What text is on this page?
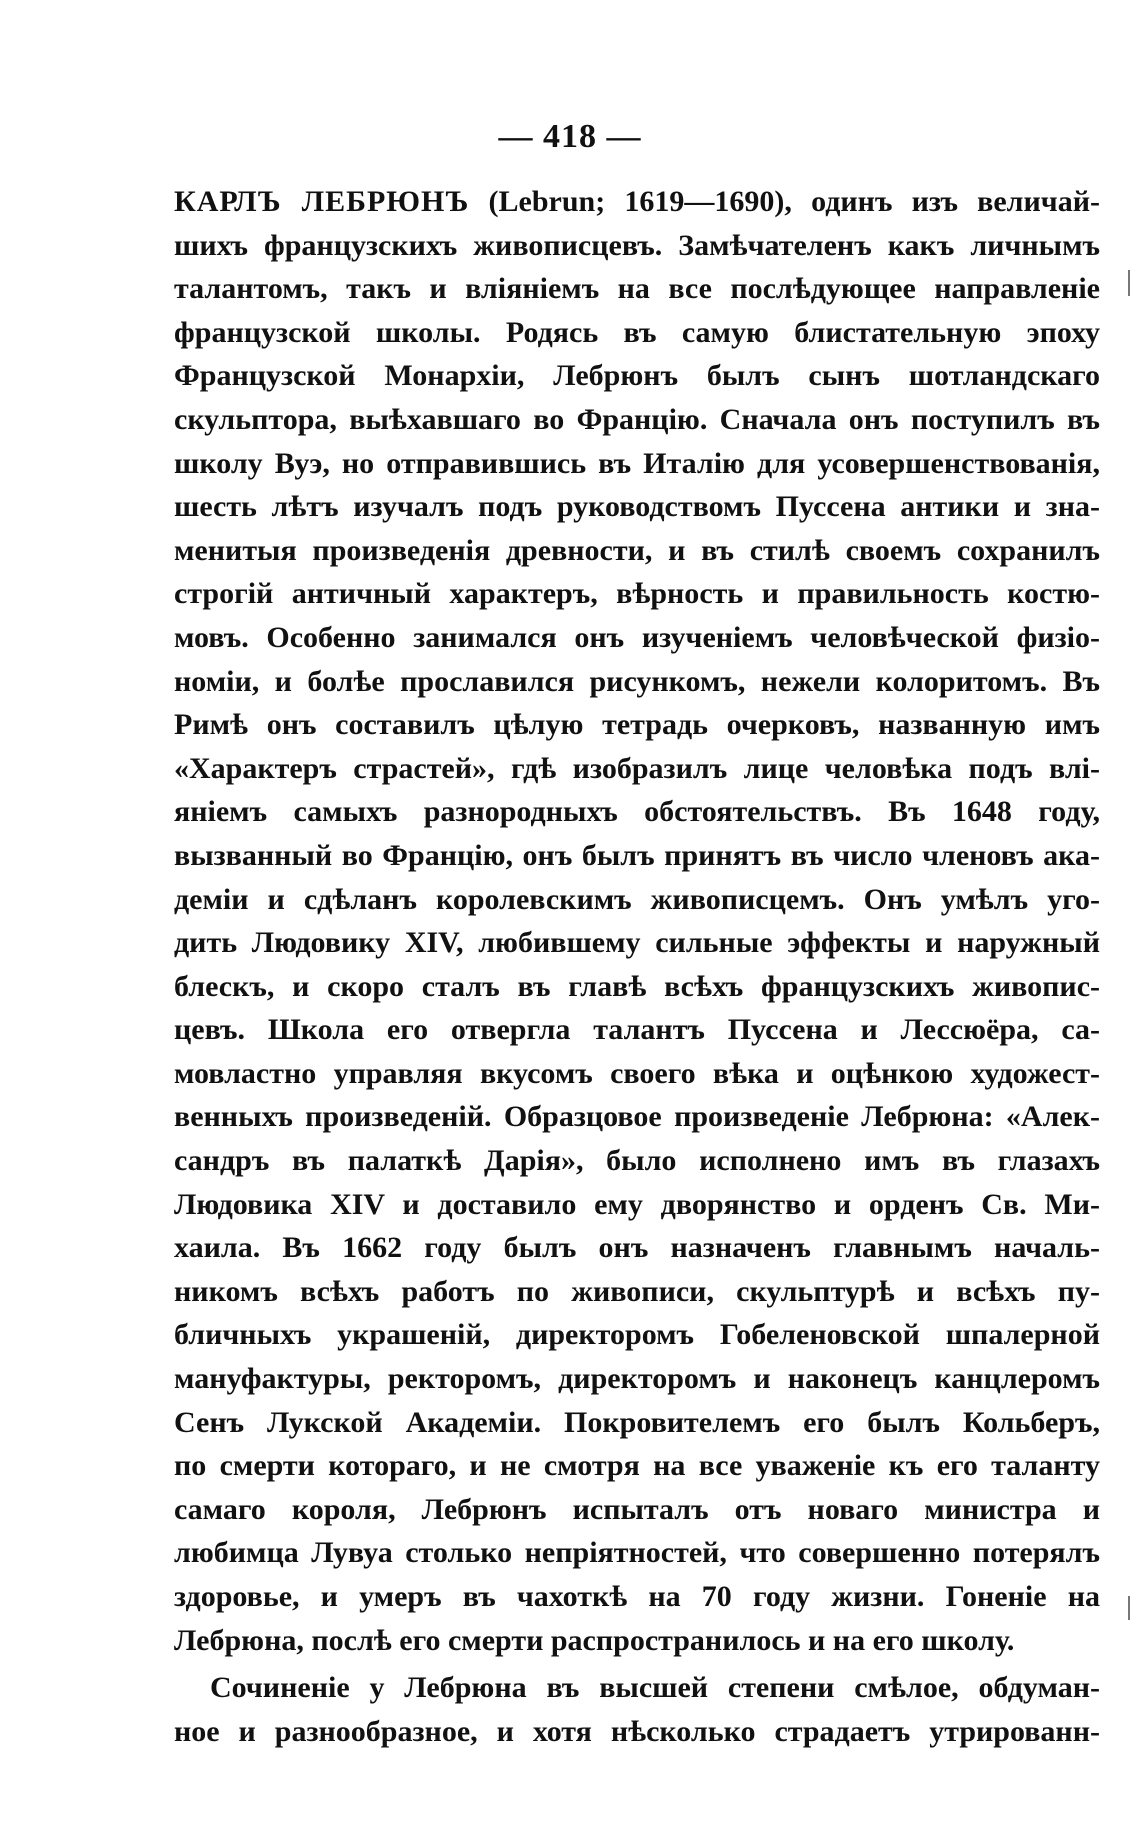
— 418 —
КАРЛЪ ЛЕБРЮНЪ (Lebrun; 1619—1690), одинъ изъ величай-
шихъ французскихъ живописцевъ. Замѣчателенъ какъ личнымъ
талантомъ, такъ и вліяніемъ на все послѣдующее направленіе
французской школы. Родясь въ самую блистательную эпоху
Французской Монархіи, Лебрюнъ былъ сынъ шотландскаго
скульптора, выѣхавшаго во Францію. Сначала онъ поступилъ въ
школу Вуэ, но отправившись въ Италію для усовершенствованія,
шесть лѣтъ изучалъ подъ руководствомъ Пуссена антики и зна-
менитыя произведенія древности, и въ стилѣ своемъ сохранилъ
строгій античный характеръ, вѣрность и правильность костю-
мовъ. Особенно занимался онъ изученіемъ человѣческой физіо-
номіи, и болѣе прославился рисункомъ, нежели колоритомъ. Въ
Римѣ онъ составилъ цѣлую тетрадь очерковъ, названную имъ
«Характеръ страстей», гдѣ изобразилъ лице человѣка подъ влі-
яніемъ самыхъ разнородныхъ обстоятельствъ. Въ 1648 году,
вызванный во Францію, онъ былъ принятъ въ число членовъ ака-
деміи и сдѣланъ королевскимъ живописцемъ. Онъ умѣлъ уго-
дить Людовику XIV, любившему сильные эффекты и наружный
блескъ, и скоро сталъ въ главѣ всѣхъ французскихъ живопис-
цевъ. Школа его отвергла талантъ Пуссена и Лессюёра, са-
мовластно управляя вкусомъ своего вѣка и оцѣнкою художест-
венныхъ произведеній. Образцовое произведеніе Лебрюна: «Алек-
сандръ въ палаткѣ Дарія», было исполнено имъ въ глазахъ
Людовика XIV и доставило ему дворянство и орденъ Св. Ми-
хаила. Въ 1662 году былъ онъ назначенъ главнымъ началь-
никомъ всѣхъ работъ по живописи, скульптурѣ и всѣхъ пу-
бличныхъ украшеній, директоромъ Гобеленовской шпалерной
мануфактуры, ректоромъ, директоромъ и наконецъ канцлеромъ
Сенъ Лукской Академіи. Покровителемъ его былъ Кольберъ,
по смерти котораго, и не смотря на все уваженіе къ его таланту
самаго короля, Лебрюнъ испыталъ отъ новаго министра и
любимца Лувуа столько непріятностей, что совершенно потерялъ
здоровье, и умеръ въ чахоткѣ на 70 году жизни. Гоненіе на
Лебрюна, послѣ его смерти распространилось и на его школу.
Сочиненіе у Лебрюна въ высшей степени смѣлое, обдуман-
ное и разнообразное, и хотя нѣсколько страдаетъ утрированн-
